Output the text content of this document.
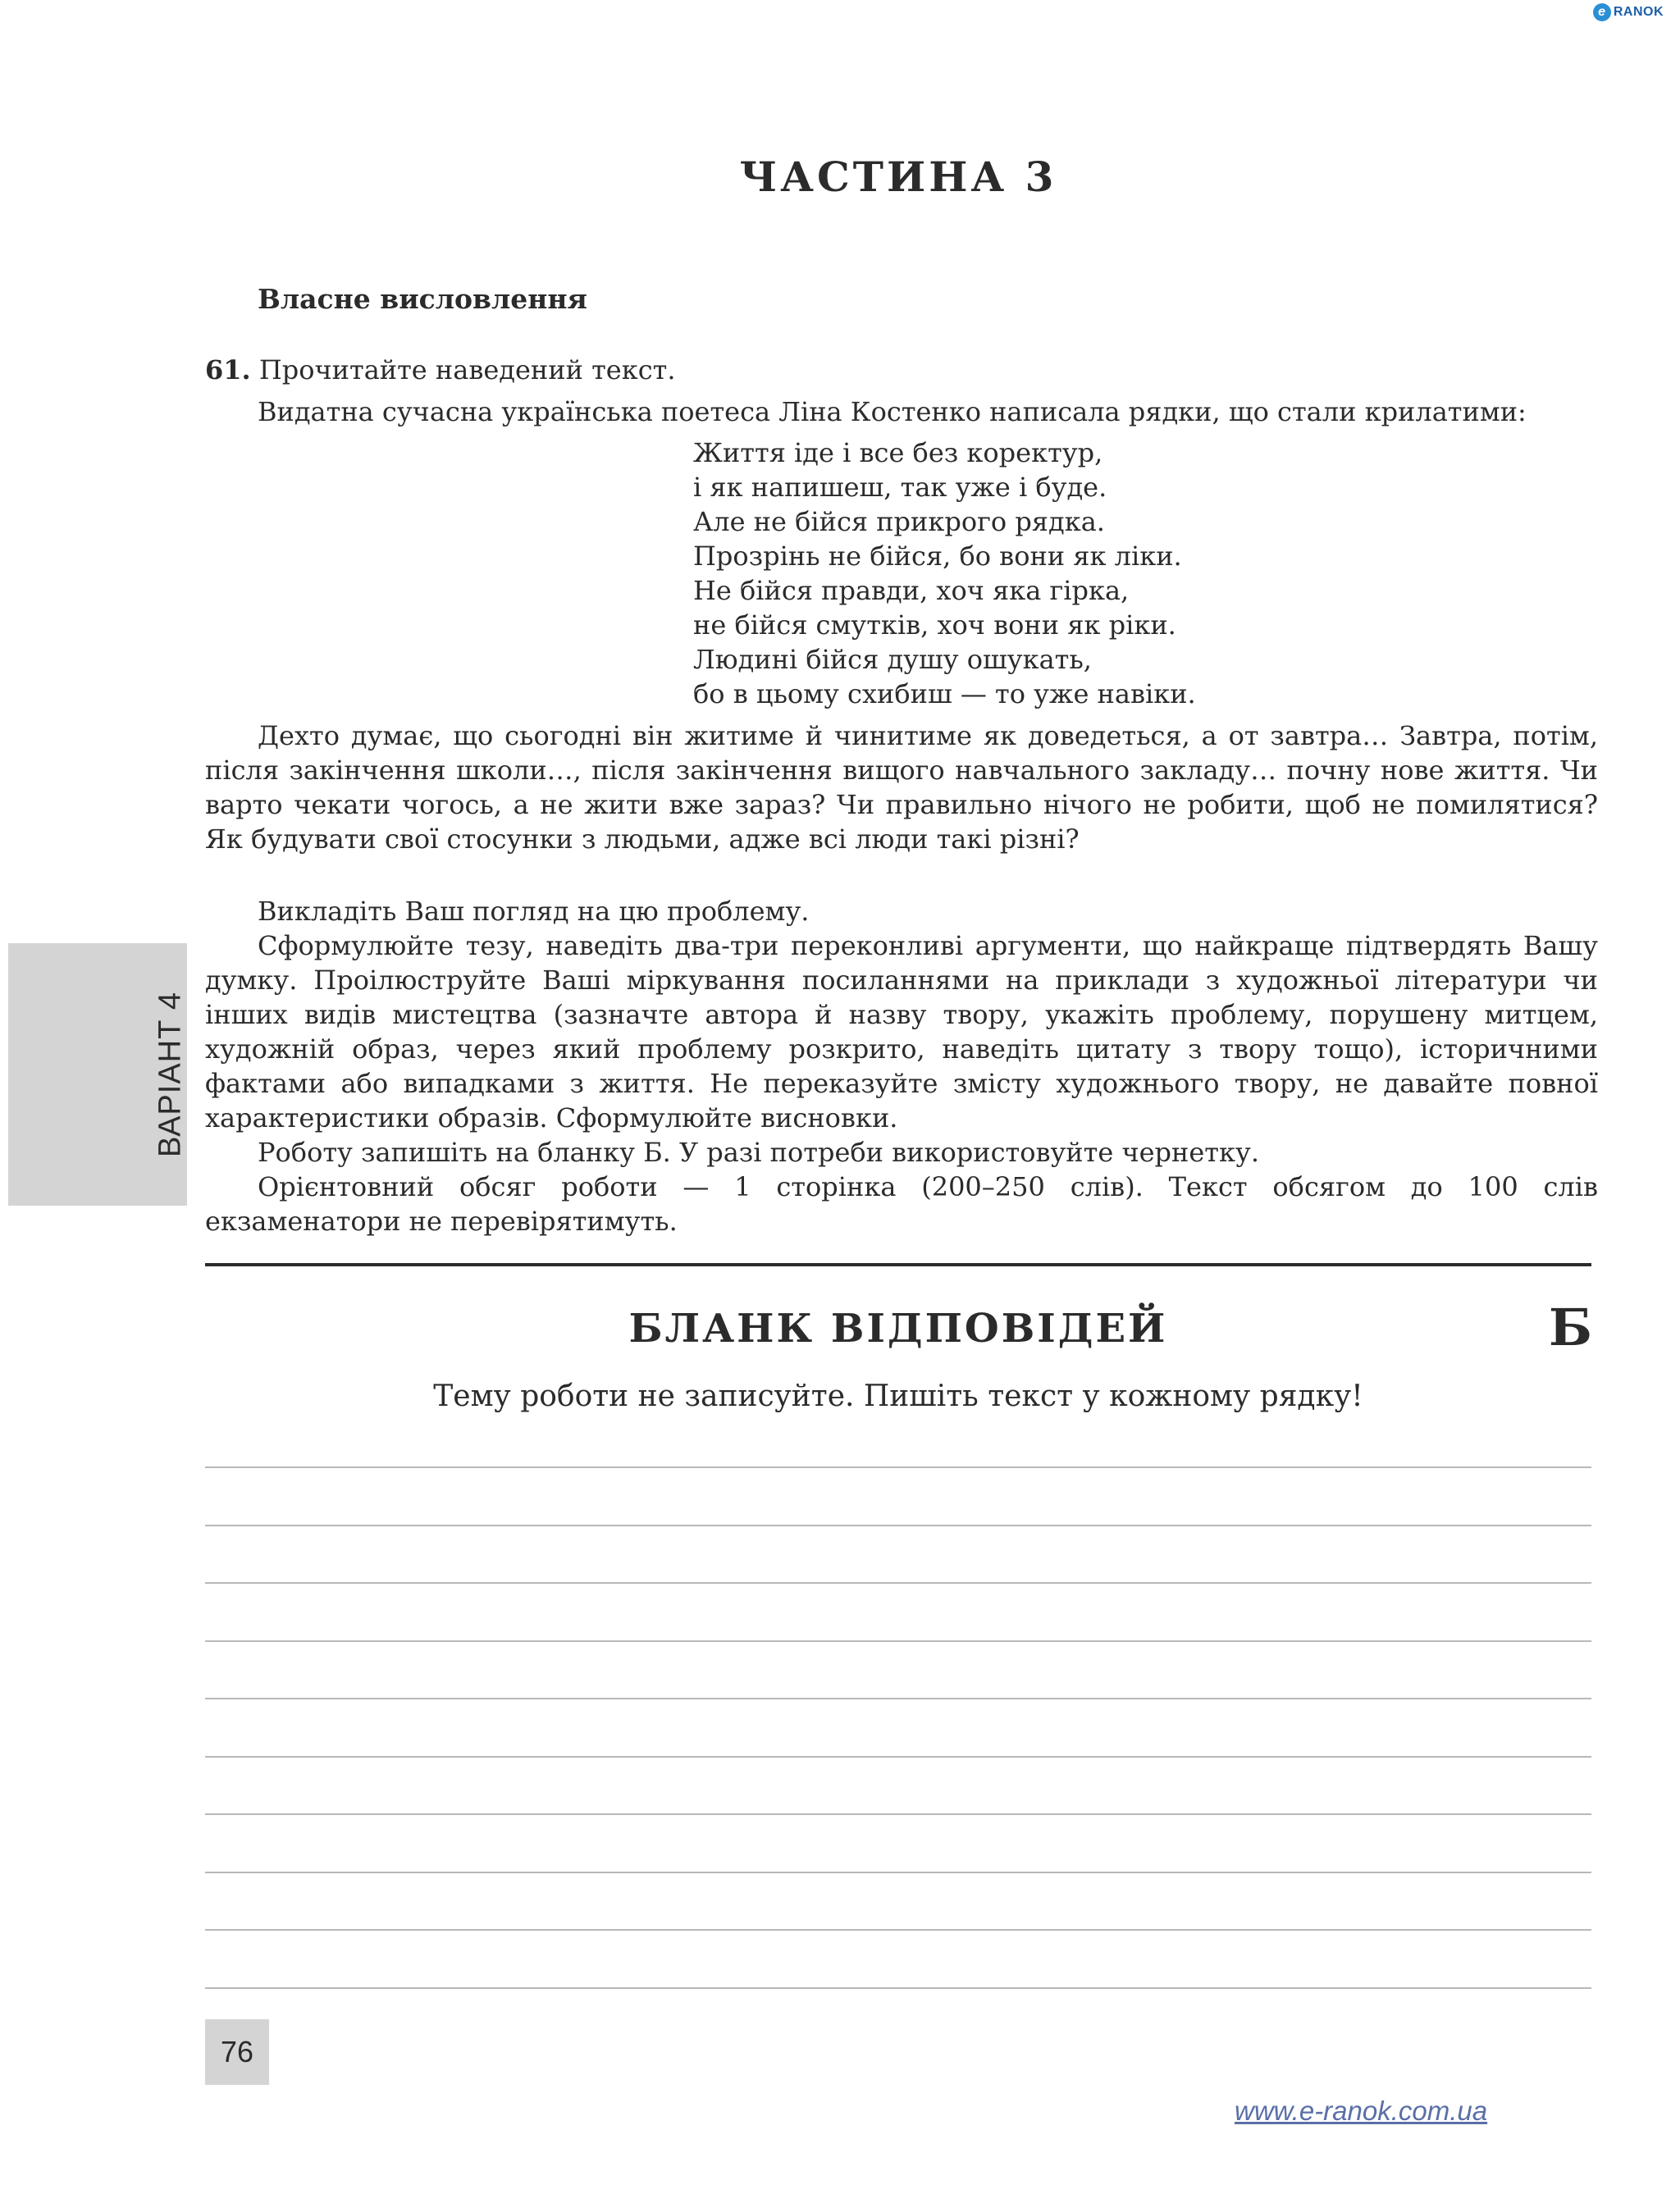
e RANOK
ЧАСТИНА 3
Власне висловлення
61. Прочитайте наведений текст.
Видатна сучасна українська поетеса Ліна Костенко написала рядки, що стали крилатими:
Життя іде і все без коректур,
і як напишеш, так уже і буде.
Але не бійся прикрого рядка.
Прозрінь не бійся, бо вони як ліки.
Не бійся правди, хоч яка гірка,
не бійся смутків, хоч вони як ріки.
Людині бійся душу ошукать,
бо в цьому схибиш — то уже навіки.

Дехто думає, що сьогодні він житиме й чинитиме як доведеться, а от завтра… Завтра, потім, після закінчення школи…, після закінчення вищого навчального закладу… почну нове життя. Чи варто чекати чогось, а не жити вже зараз? Чи правильно нічого не робити, щоб не помилятися? Як будувати свої стосунки з людьми, адже всі люди такі різні?

Викладіть Ваш погляд на цю проблему.

Сформулюйте тезу, наведіть два-три переконливі аргументи, що найкраще підтвердять Вашу думку. Проілюструйте Ваші міркування посиланнями на приклади з художньої літератури чи інших видів мистецтва (зазначте автора й назву твору, укажіть проблему, порушену митцем, художній образ, через який проблему розкрито, наведіть цитату з твору тощо), історичними фактами або випадками з життя. Не переказуйте змісту художнього твору, не давайте повної характеристики образів. Сформулюйте висновки.

Роботу запишіть на бланку Б. У разі потреби використовуйте чернетку.

Орієнтовний обсяг роботи — 1 сторінка (200–250 слів). Текст обсягом до 100 слів екзаменатори не перевірятимуть.

ВАРІАНТ 4
БЛАНК ВІДПОВІДЕЙ	Б
Тему роботи не записуйте. Пишіть текст у кожному рядку!
76
www.e-ranok.com.ua
